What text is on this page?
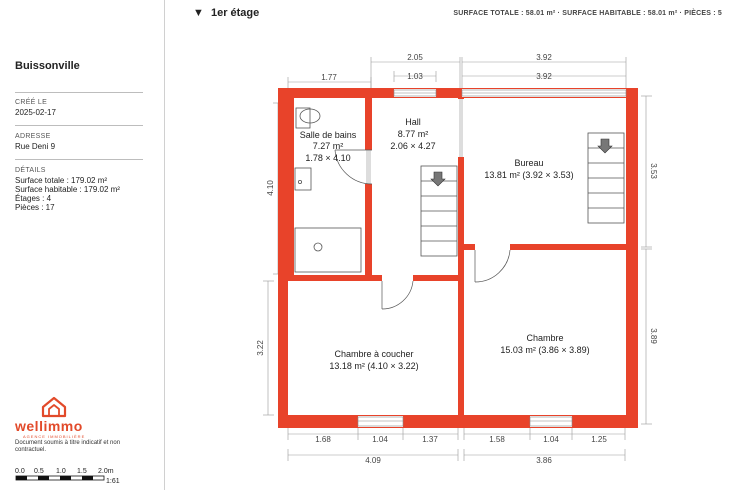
Buissonville
CRÉÉ LE
2025-02-17
ADRESSE
Rue Deni 9
DÉTAILS
Surface totale : 179.02 m²
Surface habitable : 179.02 m²
Étages : 4
Pièces : 17
wellimmo
AGENCE IMMOBILIÈRE
Document soumis à titre indicatif et non contractuel.
0.0 0.5 1.0 1.5 2.0m
1:61
▼ 1er étage	SURFACE TOTALE : 58.01 m² · SURFACE HABITABLE : 58.01 m² · PIÈCES : 5
Salle de bains
7.27 m²
1.78 × 4.10
Hall
8.77 m²
2.06 × 4.27
Bureau
13.81 m² (3.92 × 3.53)
Chambre à coucher
13.18 m² (4.10 × 3.22)
Chambre
15.03 m² (3.86 × 3.89)
1.77
2.05
1.03
3.92
3.92
4.10
3.22
3.53
3.89
1.68	1.04	1.37	1.58	1.04	1.25
4.09	3.86
